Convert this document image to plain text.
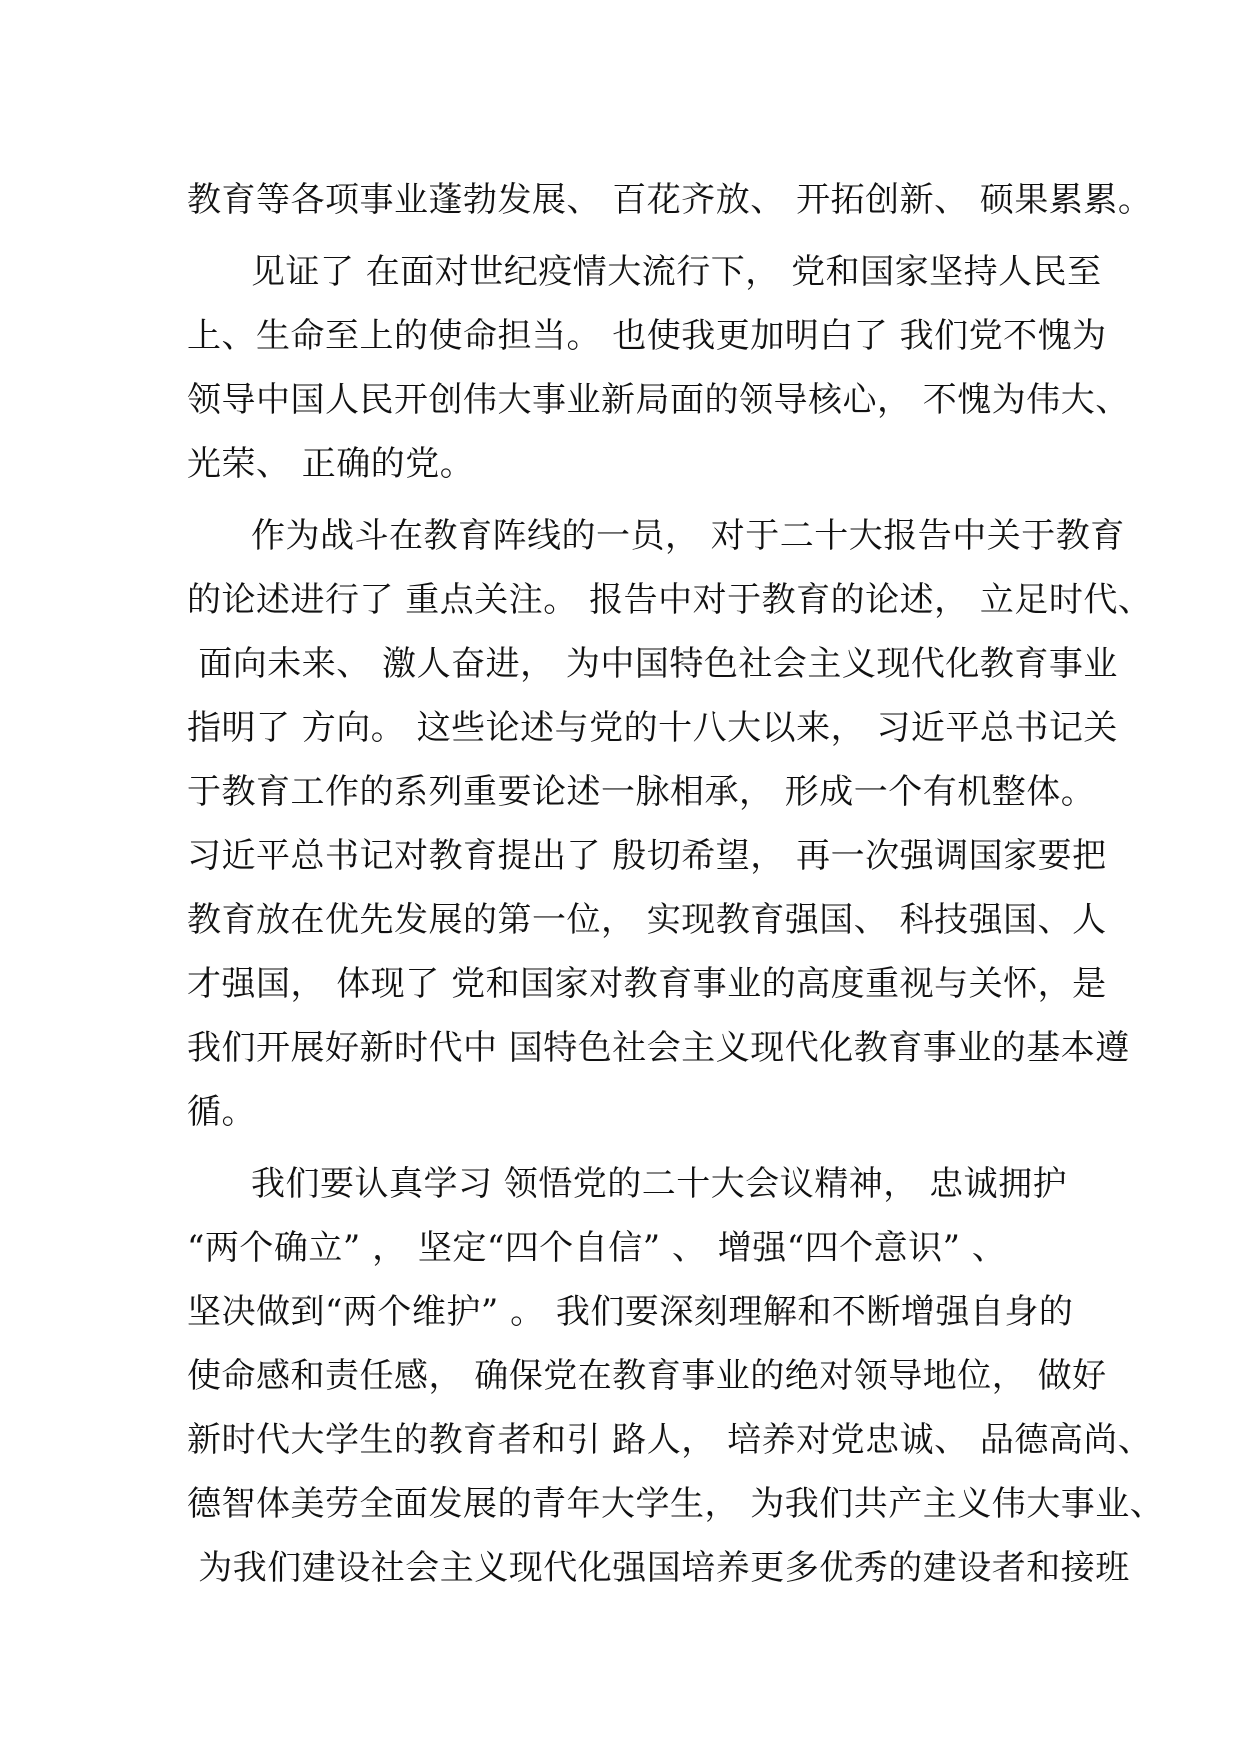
教育等各项事业蓬勃发展、 百花齐放、 开拓创新、 硕果累累。
见证了 在面对世纪疫情大流行下， 党和国家坚持人民至
上、生命至上的使命担当。 也使我更加明白了 我们党不愧为
领导中国人民开创伟大事业新局面的领导核心， 不愧为伟大、
光荣、 正确的党。
作为战斗在教育阵线的一员， 对于二十大报告中关于教育
的论述进行了 重点关注。 报告中对于教育的论述， 立足时代、
面向未来、 激人奋进， 为中国特色社会主义现代化教育事业
指明了 方向。 这些论述与党的十八大以来， 习近平总书记关
于教育工作的系列重要论述一脉相承， 形成一个有机整体。
习近平总书记对教育提出了 殷切希望， 再一次强调国家要把
教育放在优先发展的第一位， 实现教育强国、 科技强国、人
才强国， 体现了 党和国家对教育事业的高度重视与关怀，是
我们开展好新时代中 国特色社会主义现代化教育事业的基本遵
循。
我们要认真学习 领悟党的二十大会议精神， 忠诚拥护
“两个确立” ， 坚定“四个自信” 、 增强“四个意识” 、
坚决做到“两个维护” 。 我们要深刻理解和不断增强自身的
使命感和责任感， 确保党在教育事业的绝对领导地位， 做好
新时代大学生的教育者和引 路人， 培养对党忠诚、 品德高尚、
德智体美劳全面发展的青年大学生， 为我们共产主义伟大事业、
为我们建设社会主义现代化强国培养更多优秀的建设者和接班
